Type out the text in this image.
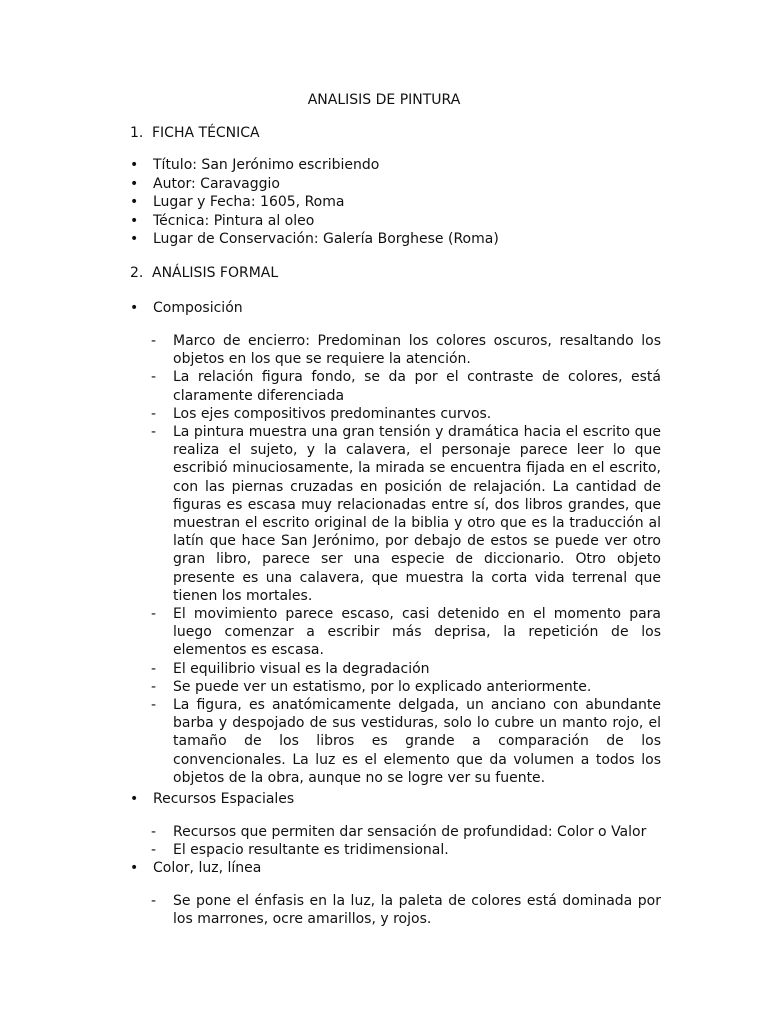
ANALISIS DE PINTURA
1. FICHA TÉCNICA
• Título: San Jerónimo escribiendo
• Autor: Caravaggio
• Lugar y Fecha: 1605, Roma
• Técnica: Pintura al oleo
• Lugar de Conservación: Galería Borghese (Roma)
2. ANÁLISIS FORMAL
• Composición
- Marco de encierro: Predominan los colores oscuros, resaltando los objetos en los que se requiere la atención.
- La relación figura fondo, se da por el contraste de colores, está claramente diferenciada
- Los ejes compositivos predominantes curvos.
- La pintura muestra una gran tensión y dramática hacia el escrito que realiza el sujeto, y la calavera, el personaje parece leer lo que escribió minuciosamente, la mirada se encuentra fijada en el escrito, con las piernas cruzadas en posición de relajación. La cantidad de figuras es escasa muy relacionadas entre sí, dos libros grandes, que muestran el escrito original de la biblia y otro que es la traducción al latín que hace San Jerónimo, por debajo de estos se puede ver otro gran libro, parece ser una especie de diccionario. Otro objeto presente es una calavera, que muestra la corta vida terrenal que tienen los mortales.
- El movimiento parece escaso, casi detenido en el momento para luego comenzar a escribir más deprisa, la repetición de los elementos es escasa.
- El equilibrio visual es la degradación
- Se puede ver un estatismo, por lo explicado anteriormente.
- La figura, es anatómicamente delgada, un anciano con abundante barba y despojado de sus vestiduras, solo lo cubre un manto rojo, el tamaño de los libros es grande a comparación de los convencionales. La luz es el elemento que da volumen a todos los objetos de la obra, aunque no se logre ver su fuente.
• Recursos Espaciales
- Recursos que permiten dar sensación de profundidad: Color o Valor
- El espacio resultante es tridimensional.
• Color, luz, línea
- Se pone el énfasis en la luz, la paleta de colores está dominada por los marrones, ocre amarillos, y rojos.
